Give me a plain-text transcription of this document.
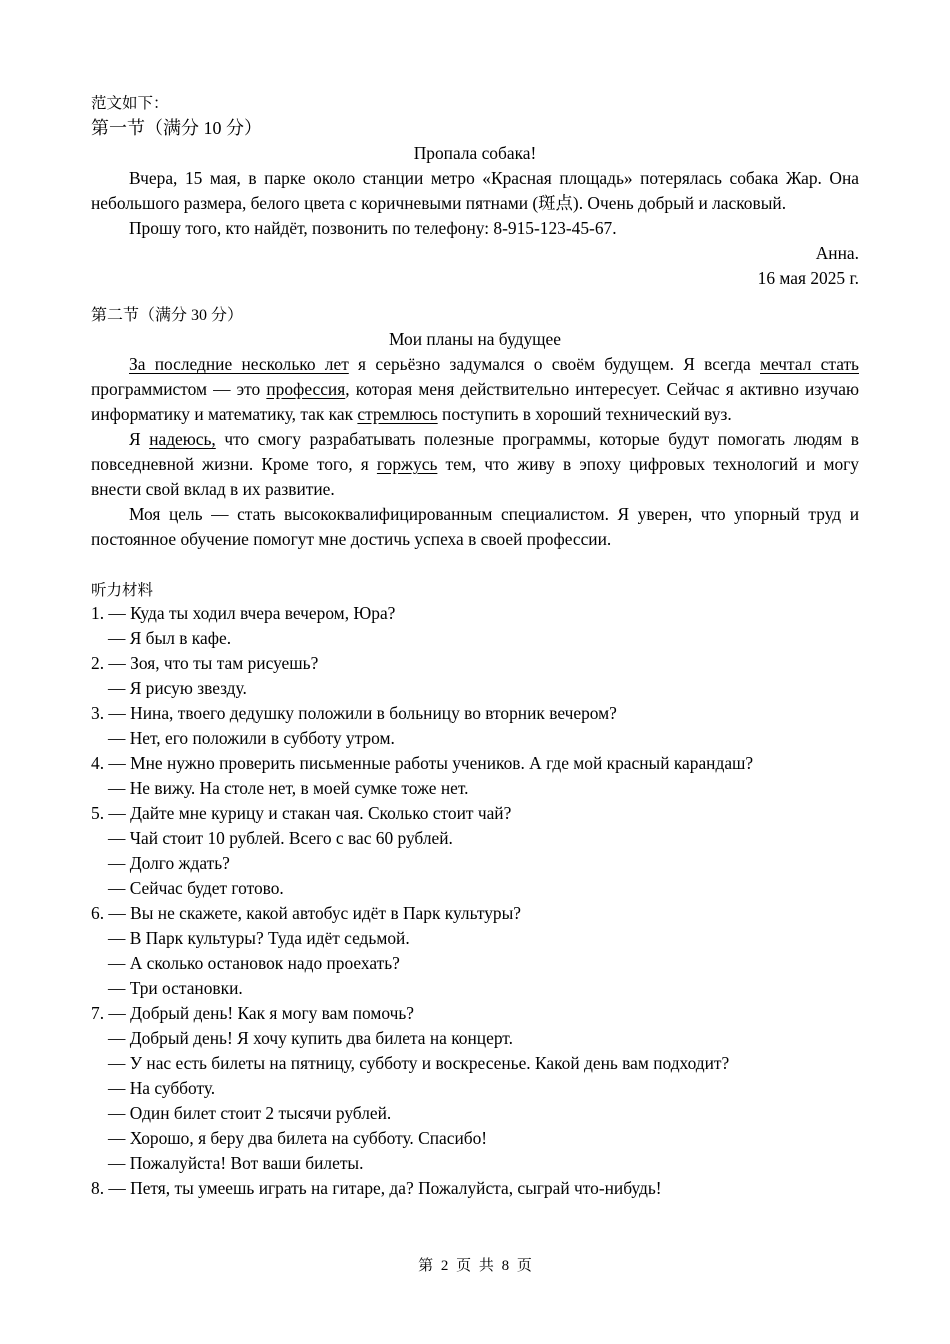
范文如下：
第一节（满分 10 分）

Пропала собака!

Вчера, 15 мая, в парке около станции метро «Красная площадь» потерялась собака Жар. Она небольшого размера, белого цвета с коричневыми пятнами (斑点). Очень добрый и ласковый.

Прошу того, кто найдёт, позвонить по телефону: 8-915-123-45-67.

Анна.

16 мая 2025 г.

第二节（满分 30 分）

Мои планы на будущее

За последние несколько лет я серьёзно задумался о своём будущем. Я всегда мечтал стать программистом — это профессия, которая меня действительно интересует. Сейчас я активно изучаю информатику и математику, так как стремлюсь поступить в хороший технический вуз.

Я надеюсь, что смогу разрабатывать полезные программы, которые будут помогать людям в повседневной жизни. Кроме того, я горжусь тем, что живу в эпоху цифровых технологий и могу внести свой вклад в их развитие.

Моя цель — стать высококвалифицированным специалистом. Я уверен, что упорный труд и постоянное обучение помогут мне достичь успеха в своей профессии.

听力材料
1. — Куда ты ходил вчера вечером, Юра?
— Я был в кафе.
2. — Зоя, что ты там рисуешь?
— Я рисую звезду.
3. — Нина, твоего дедушку положили в больницу во вторник вечером?
— Нет, его положили в субботу утром.
4. — Мне нужно проверить письменные работы учеников. А где мой красный карандаш?
— Не вижу. На столе нет, в моей сумке тоже нет.
5. — Дайте мне курицу и стакан чая. Сколько стоит чай?
— Чай стоит 10 рублей. Всего с вас 60 рублей.
— Долго ждать?
— Сейчас будет готово.
6. — Вы не скажете, какой автобус идёт в Парк культуры?
— В Парк культуры? Туда идёт седьмой.
— А сколько остановок надо проехать?
— Три остановки.
7. — Добрый день! Как я могу вам помочь?
— Добрый день! Я хочу купить два билета на концерт.
— У нас есть билеты на пятницу, субботу и воскресенье. Какой день вам подходит?
— На субботу.
— Один билет стоит 2 тысячи рублей.
— Хорошо, я беру два билета на субботу. Спасибо!
— Пожалуйста! Вот ваши билеты.
8. — Петя, ты умеешь играть на гитаре, да? Пожалуйста, сыграй что-нибудь!
第 2 页 共 8 页
